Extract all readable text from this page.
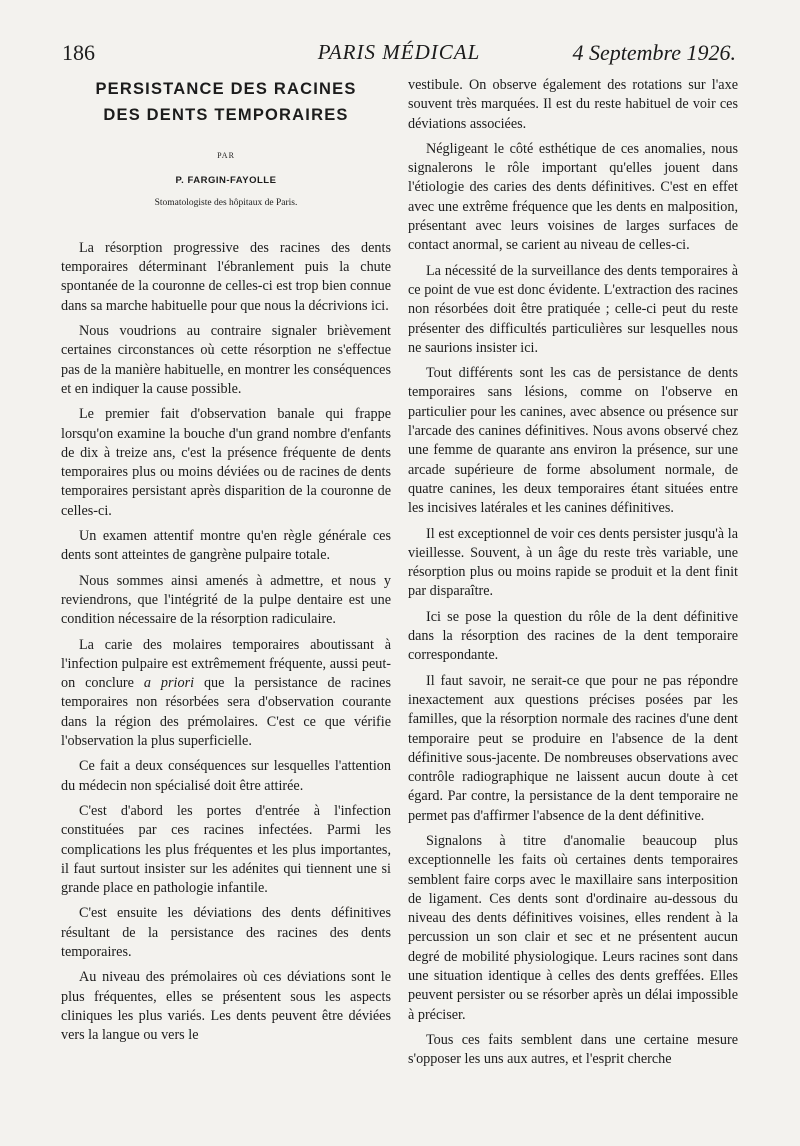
186	PARIS MÉDICAL	4 Septembre 1926.
PERSISTANCE DES RACINES
DES DENTS TEMPORAIRES
PAR
P. FARGIN-FAYOLLE
Stomatologiste des hôpitaux de Paris.

La résorption progressive des racines des dents temporaires déterminant l'ébranlement puis la chute spontanée de la couronne de celles-ci est trop bien connue dans sa marche habituelle pour que nous la décrivions ici.

Nous voudrions au contraire signaler brièvement certaines circonstances où cette résorption ne s'effectue pas de la manière habituelle, en montrer les conséquences et en indiquer la cause possible.

Le premier fait d'observation banale qui frappe lorsqu'on examine la bouche d'un grand nombre d'enfants de dix à treize ans, c'est la présence fréquente de dents temporaires plus ou moins déviées ou de racines de dents temporaires persistant après disparition de la couronne de celles-ci.

Un examen attentif montre qu'en règle générale ces dents sont atteintes de gangrène pulpaire totale.

Nous sommes ainsi amenés à admettre, et nous y reviendrons, que l'intégrité de la pulpe dentaire est une condition nécessaire de la résorption radiculaire.

La carie des molaires temporaires aboutissant à l'infection pulpaire est extrêmement fréquente, aussi peut-on conclure a priori que la persistance de racines temporaires non résorbées sera d'observation courante dans la région des prémolaires. C'est ce que vérifie l'observation la plus superficielle.

Ce fait a deux conséquences sur lesquelles l'attention du médecin non spécialisé doit être attirée.

C'est d'abord les portes d'entrée à l'infection constituées par ces racines infectées. Parmi les complications les plus fréquentes et les plus importantes, il faut surtout insister sur les adénites qui tiennent une si grande place en pathologie infantile.

C'est ensuite les déviations des dents définitives résultant de la persistance des racines des dents temporaires.

Au niveau des prémolaires où ces déviations sont le plus fréquentes, elles se présentent sous les aspects cliniques les plus variés. Les dents peuvent être déviées vers la langue ou vers le

vestibule. On observe également des rotations sur l'axe souvent très marquées. Il est du reste habituel de voir ces déviations associées.

Négligeant le côté esthétique de ces anomalies, nous signalerons le rôle important qu'elles jouent dans l'étiologie des caries des dents définitives. C'est en effet avec une extrême fréquence que les dents en malposition, présentant avec leurs voisines de larges surfaces de contact anormal, se carient au niveau de celles-ci.

La nécessité de la surveillance des dents temporaires à ce point de vue est donc évidente. L'extraction des racines non résorbées doit être pratiquée ; celle-ci peut du reste présenter des difficultés particulières sur lesquelles nous ne saurions insister ici.

Tout différents sont les cas de persistance de dents temporaires sans lésions, comme on l'observe en particulier pour les canines, avec absence ou présence sur l'arcade des canines définitives. Nous avons observé chez une femme de quarante ans environ la présence, sur une arcade supérieure de forme absolument normale, de quatre canines, les deux temporaires étant situées entre les incisives latérales et les canines définitives.

Il est exceptionnel de voir ces dents persister jusqu'à la vieillesse. Souvent, à un âge du reste très variable, une résorption plus ou moins rapide se produit et la dent finit par disparaître.

Ici se pose la question du rôle de la dent définitive dans la résorption des racines de la dent temporaire correspondante.

Il faut savoir, ne serait-ce que pour ne pas répondre inexactement aux questions précises posées par les familles, que la résorption normale des racines d'une dent temporaire peut se produire en l'absence de la dent définitive sous-jacente. De nombreuses observations avec contrôle radiographique ne laissent aucun doute à cet égard. Par contre, la persistance de la dent temporaire ne permet pas d'affirmer l'absence de la dent définitive.

Signalons à titre d'anomalie beaucoup plus exceptionnelle les faits où certaines dents temporaires semblent faire corps avec le maxillaire sans interposition de ligament. Ces dents sont d'ordinaire au-dessous du niveau des dents définitives voisines, elles rendent à la percussion un son clair et sec et ne présentent aucun degré de mobilité physiologique. Leurs racines sont dans une situation identique à celles des dents greffées. Elles peuvent persister ou se résorber après un délai impossible à préciser.

Tous ces faits semblent dans une certaine mesure s'opposer les uns aux autres, et l'esprit cherche
